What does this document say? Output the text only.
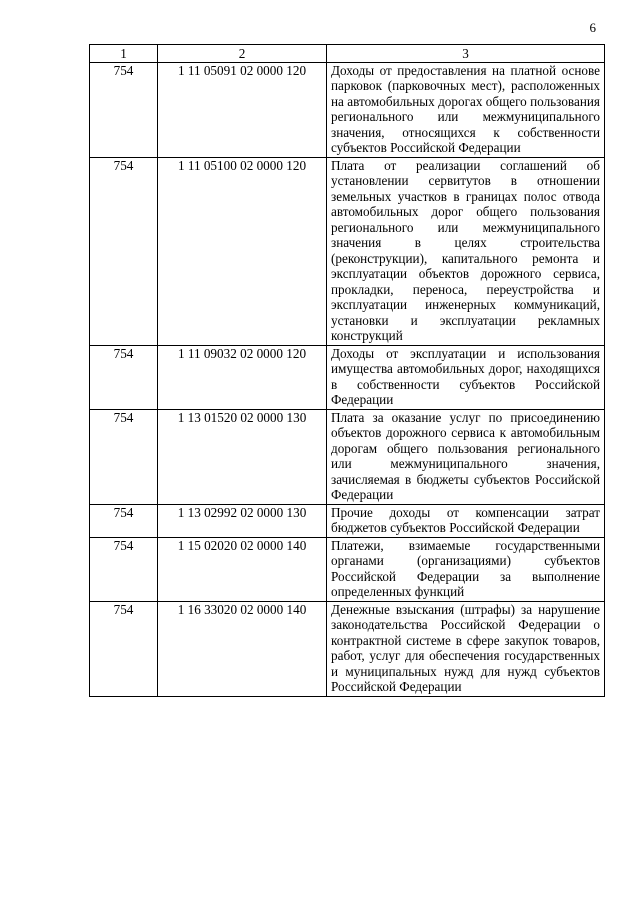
6
1	2	3
754	1 11 05091 02 0000 120	Доходы от предоставления на платной основе парковок (парковочных мест), расположенных на автомобильных дорогах общего пользования регионального или межмуниципального значения, относящихся к собственности субъектов Российской Федерации
754	1 11 05100 02 0000 120	Плата от реализации соглашений об установлении сервитутов в отношении земельных участков в границах полос отвода автомобильных дорог общего пользования регионального или межмуниципального значения в целях строительства (реконструкции), капитального ремонта и эксплуатации объектов дорожного сервиса, прокладки, переноса, переустройства и эксплуатации инженерных коммуникаций, установки и эксплуатации рекламных конструкций
754	1 11 09032 02 0000 120	Доходы от эксплуатации и использования имущества автомобильных дорог, находящихся в собственности субъектов Российской Федерации
754	1 13 01520 02 0000 130	Плата за оказание услуг по присоединению объектов дорожного сервиса к автомобильным дорогам общего пользования регионального или межмуниципального значения, зачисляемая в бюджеты субъектов Российской Федерации
754	1 13 02992 02 0000 130	Прочие доходы от компенсации затрат бюджетов субъектов Российской Федерации
754	1 15 02020 02 0000 140	Платежи, взимаемые государственными органами (организациями) субъектов Российской Федерации за выполнение определенных функций
754	1 16 33020 02 0000 140	Денежные взыскания (штрафы) за нарушение законодательства Российской Федерации о контрактной системе в сфере закупок товаров, работ, услуг для обеспечения государственных и муниципальных нужд для нужд субъектов Российской Федерации
